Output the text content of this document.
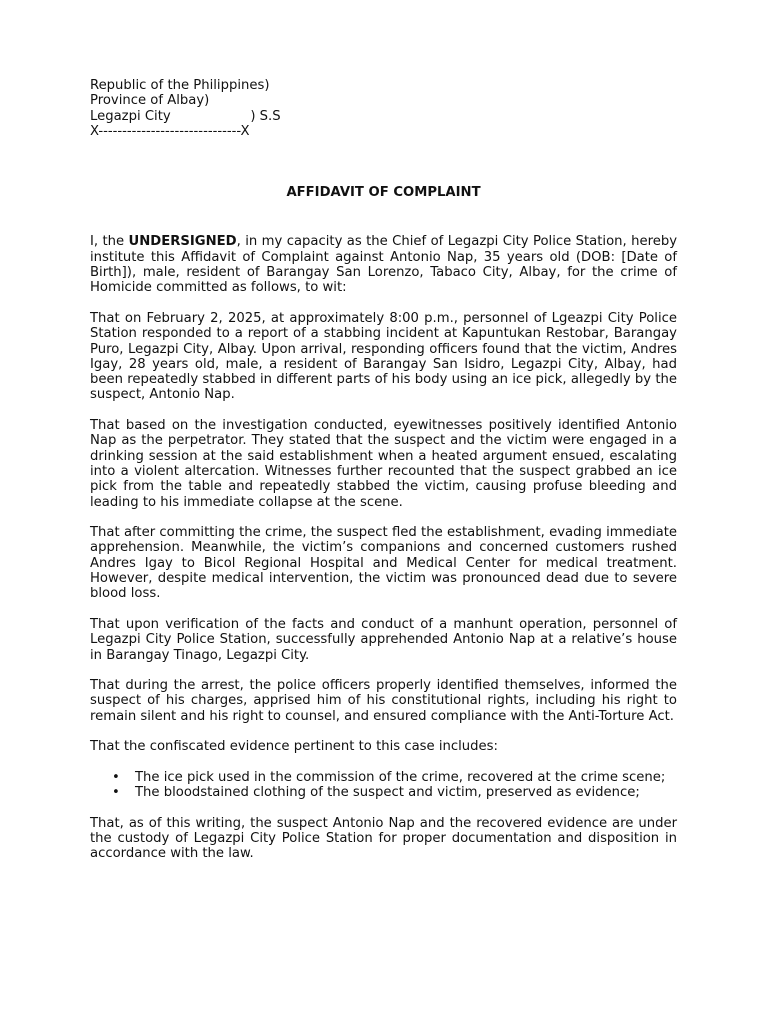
Republic of the Philippines)
Province of Albay)
Legazpi City                   ) S.S
X------------------------------X
AFFIDAVIT OF COMPLAINT

I, the UNDERSIGNED, in my capacity as the Chief of Legazpi City Police Station, hereby institute this Affidavit of Complaint against Antonio Nap, 35 years old (DOB: [Date of Birth]), male, resident of Barangay San Lorenzo, Tabaco City, Albay, for the crime of Homicide committed as follows, to wit:

That on February 2, 2025, at approximately 8:00 p.m., personnel of Lgeazpi City Police Station responded to a report of a stabbing incident at Kapuntukan Restobar, Barangay Puro, Legazpi City, Albay. Upon arrival, responding officers found that the victim, Andres Igay, 28 years old, male, a resident of Barangay San Isidro, Legazpi City, Albay, had been repeatedly stabbed in different parts of his body using an ice pick, allegedly by the suspect, Antonio Nap.

That based on the investigation conducted, eyewitnesses positively identified Antonio Nap as the perpetrator. They stated that the suspect and the victim were engaged in a drinking session at the said establishment when a heated argument ensued, escalating into a violent altercation. Witnesses further recounted that the suspect grabbed an ice pick from the table and repeatedly stabbed the victim, causing profuse bleeding and leading to his immediate collapse at the scene.

That after committing the crime, the suspect fled the establishment, evading immediate apprehension. Meanwhile, the victim’s companions and concerned customers rushed Andres Igay to Bicol Regional Hospital and Medical Center for medical treatment. However, despite medical intervention, the victim was pronounced dead due to severe blood loss.

That upon verification of the facts and conduct of a manhunt operation, personnel of Legazpi City Police Station, successfully apprehended Antonio Nap at a relative’s house in Barangay Tinago, Legazpi City.

That during the arrest, the police officers properly identified themselves, informed the suspect of his charges, apprised him of his constitutional rights, including his right to remain silent and his right to counsel, and ensured compliance with the Anti-Torture Act.

That the confiscated evidence pertinent to this case includes:

• The ice pick used in the commission of the crime, recovered at the crime scene;
• The bloodstained clothing of the suspect and victim, preserved as evidence;

That, as of this writing, the suspect Antonio Nap and the recovered evidence are under the custody of Legazpi City Police Station for proper documentation and disposition in accordance with the law.
